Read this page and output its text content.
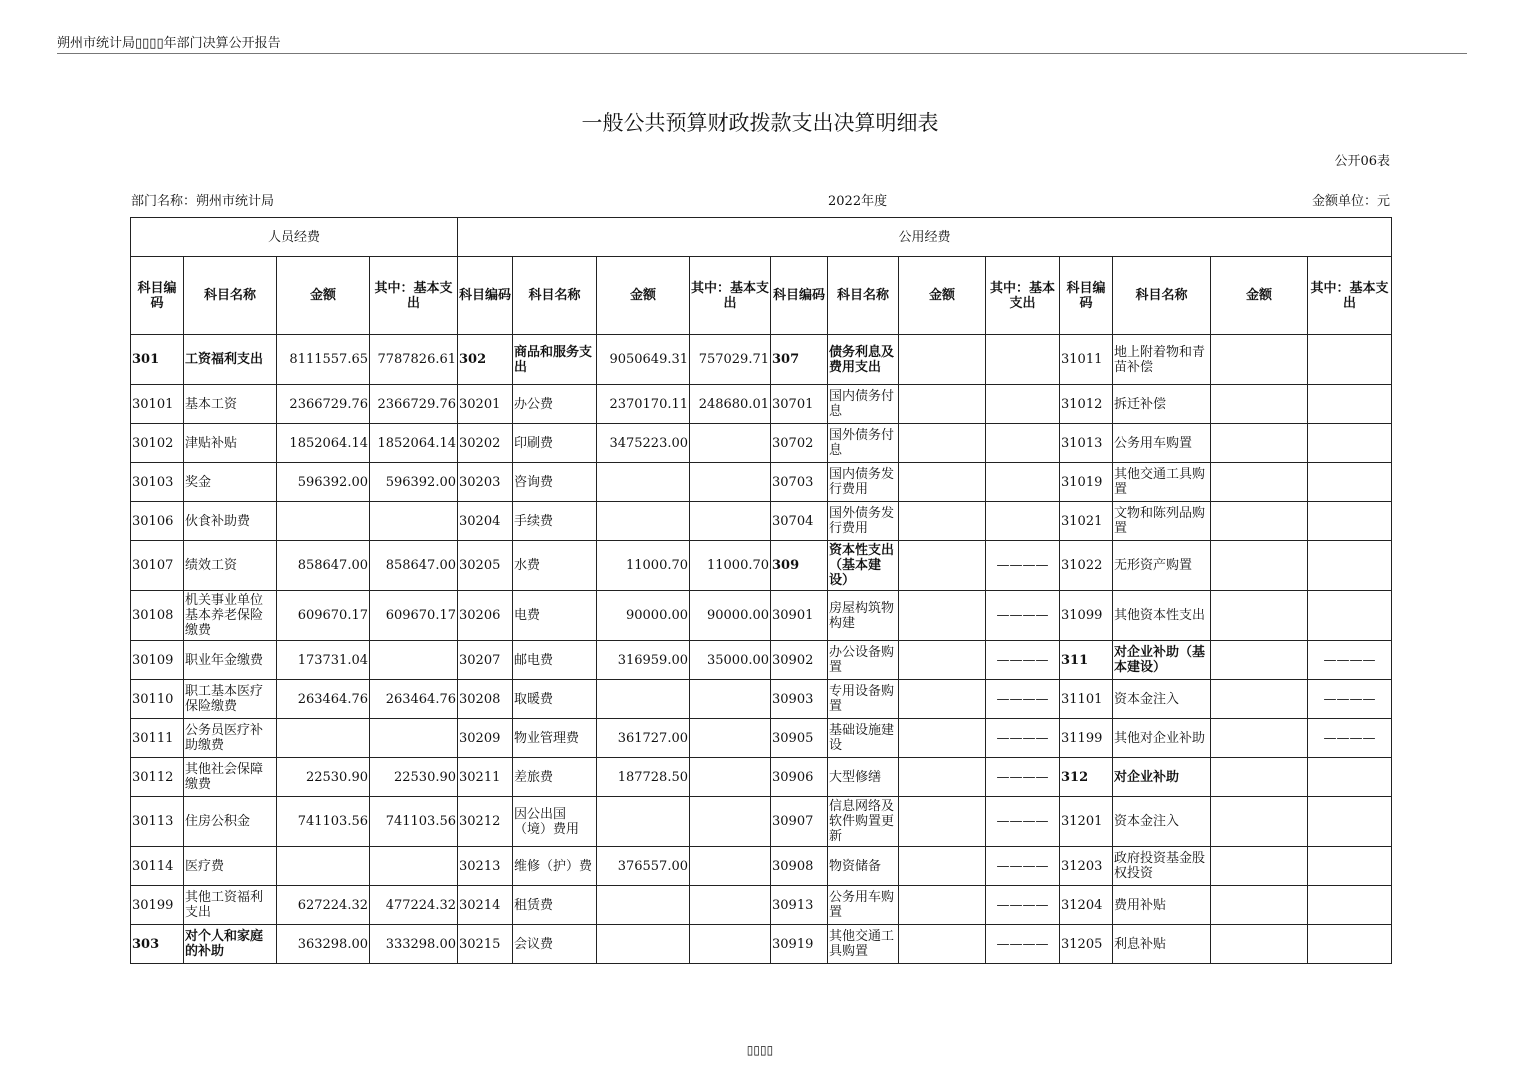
朔州市统计局▯▯▯▯年部门决算公开报告
一般公共预算财政拨款支出决算明细表
公开06表
部门名称：朔州市统计局	2022年度	金额单位：元
人员经费				公用经费											
科目编码	科目名称	金额	其中：基本支出	科目编码	科目名称	金额	其中：基本支出	科目编码	科目名称	金额	其中：基本支出	科目编码	科目名称	金额	其中：基本支出
301	工资福利支出	8111557.65	7787826.61	302	商品和服务支出	9050649.31	757029.71	307	债务利息及费用支出			31011	地上附着物和青苗补偿		
30101	基本工资	2366729.76	2366729.76	30201	办公费	2370170.11	248680.01	30701	国内债务付息			31012	拆迁补偿		
30102	津贴补贴	1852064.14	1852064.14	30202	印刷费	3475223.00		30702	国外债务付息			31013	公务用车购置		
30103	奖金	596392.00	596392.00	30203	咨询费			30703	国内债务发行费用			31019	其他交通工具购置		
30106	伙食补助费			30204	手续费			30704	国外债务发行费用			31021	文物和陈列品购置		
30107	绩效工资	858647.00	858647.00	30205	水费	11000.70	11000.70	309	资本性支出（基本建设）		————	31022	无形资产购置		
30108	机关事业单位基本养老保险缴费	609670.17	609670.17	30206	电费	90000.00	90000.00	30901	房屋构筑物构建		————	31099	其他资本性支出		
30109	职业年金缴费	173731.04		30207	邮电费	316959.00	35000.00	30902	办公设备购置		————	311	对企业补助（基本建设）		————
30110	职工基本医疗保险缴费	263464.76	263464.76	30208	取暖费			30903	专用设备购置		————	31101	资本金注入		————
30111	公务员医疗补助缴费			30209	物业管理费	361727.00		30905	基础设施建设		————	31199	其他对企业补助		————
30112	其他社会保障缴费	22530.90	22530.90	30211	差旅费	187728.50		30906	大型修缮		————	312	对企业补助		
30113	住房公积金	741103.56	741103.56	30212	因公出国（境）费用			30907	信息网络及软件购置更新		————	31201	资本金注入		
30114	医疗费			30213	维修（护）费	376557.00		30908	物资储备		————	31203	政府投资基金股权投资		
30199	其他工资福利支出	627224.32	477224.32	30214	租赁费			30913	公务用车购置		————	31204	费用补贴		
303	对个人和家庭的补助	363298.00	333298.00	30215	会议费			30919	其他交通工具购置		————	31205	利息补贴		
▯▯▯▯
